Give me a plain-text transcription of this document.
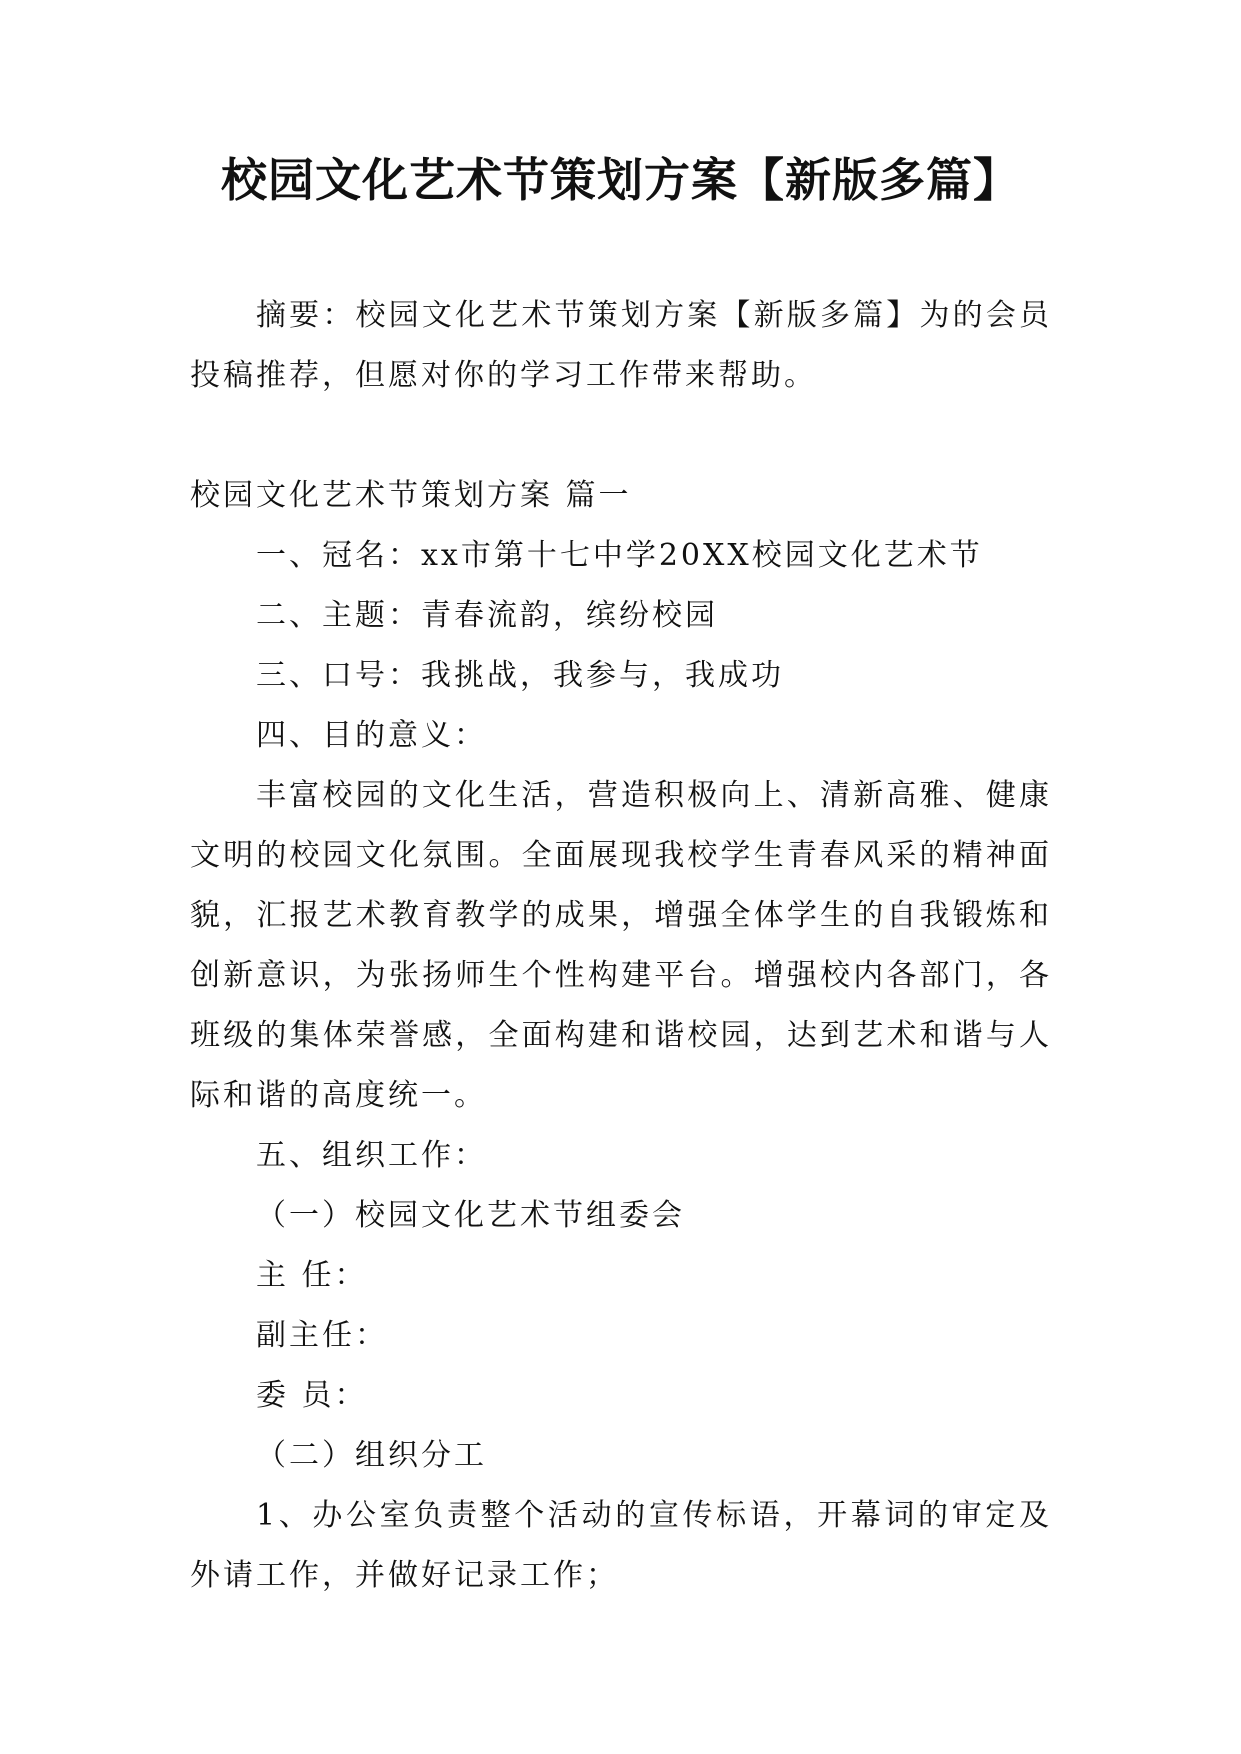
校园文化艺术节策划方案【新版多篇】

摘要：校园文化艺术节策划方案【新版多篇】为的会员投稿推荐，但愿对你的学习工作带来帮助。

校园文化艺术节策划方案 篇一

一、冠名：xx市第十七中学20XX校园文化艺术节

二、主题：青春流韵，缤纷校园

三、口号：我挑战，我参与，我成功

四、目的意义：

丰富校园的文化生活，营造积极向上、清新高雅、健康文明的校园文化氛围。全面展现我校学生青春风采的精神面貌，汇报艺术教育教学的成果，增强全体学生的自我锻炼和创新意识，为张扬师生个性构建平台。增强校内各部门，各班级的集体荣誉感，全面构建和谐校园，达到艺术和谐与人际和谐的高度统一。

五、组织工作：

（一）校园文化艺术节组委会

主 任：

副主任：

委 员：

（二）组织分工

1、办公室负责整个活动的宣传标语，开幕词的审定及外请工作，并做好记录工作；
